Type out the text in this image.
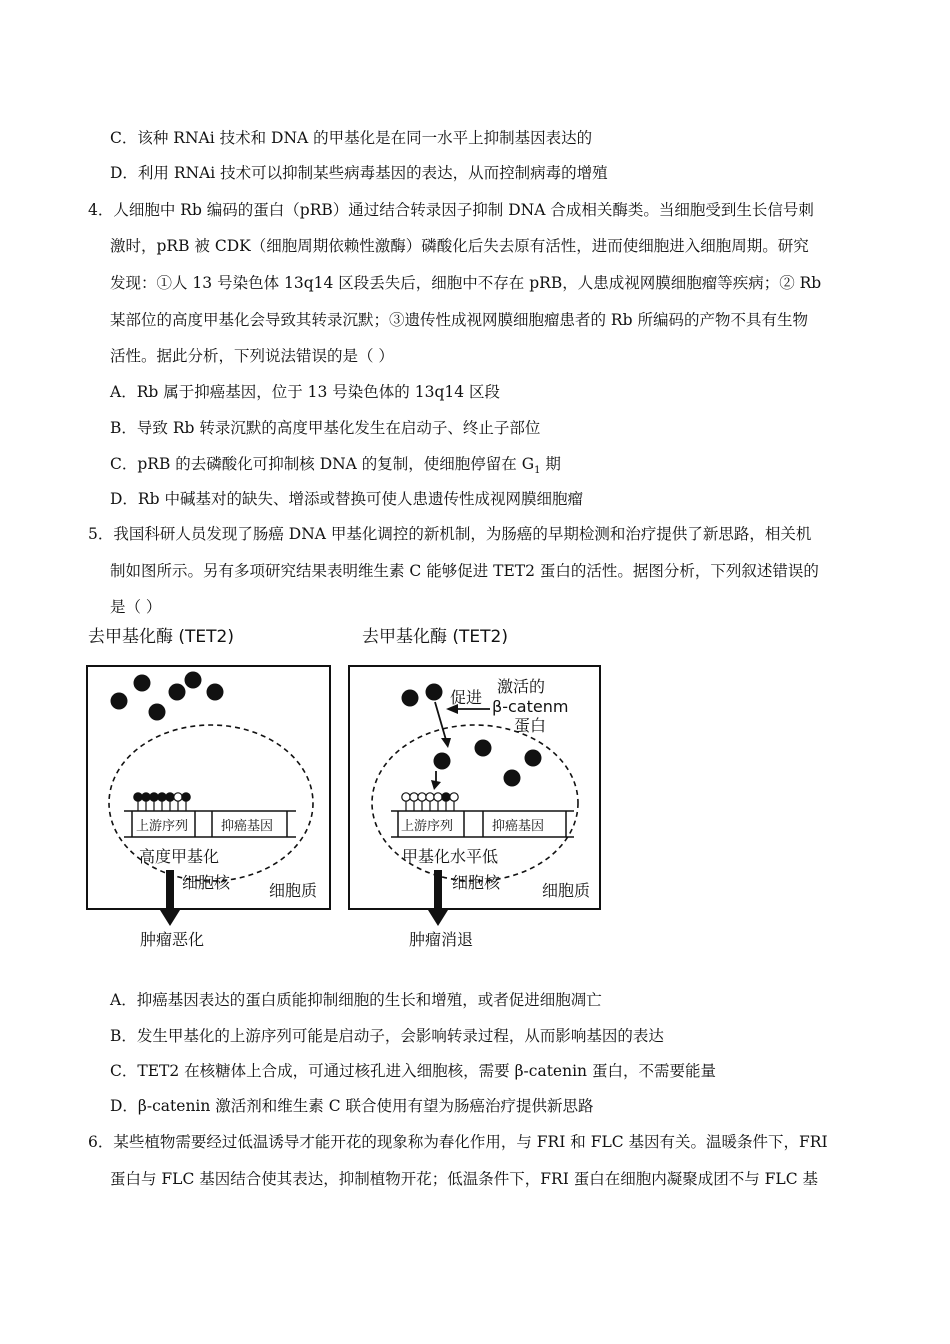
C．该种 RNAi 技术和 DNA 的甲基化是在同一水平上抑制基因表达的
D．利用 RNAi 技术可以抑制某些病毒基因的表达，从而控制病毒的增殖
4．人细胞中 Rb 编码的蛋白（pRB）通过结合转录因子抑制 DNA 合成相关酶类。当细胞受到生长信号刺
激时，pRB 被 CDK（细胞周期依赖性激酶）磷酸化后失去原有活性，进而使细胞进入细胞周期。研究
发现：①人 13 号染色体 13q14 区段丢失后，细胞中不存在 pRB，人患成视网膜细胞瘤等疾病；② Rb
某部位的高度甲基化会导致其转录沉默；③遗传性成视网膜细胞瘤患者的 Rb 所编码的产物不具有生物
活性。据此分析，下列说法错误的是（ ）
A．Rb 属于抑癌基因，位于 13 号染色体的 13q14 区段
B．导致 Rb 转录沉默的高度甲基化发生在启动子、终止子部位
C．pRB 的去磷酸化可抑制核 DNA 的复制，使细胞停留在 $G_1$ 期
D．Rb 中碱基对的缺失、增添或替换可使人患遗传性成视网膜细胞瘤
5．我国科研人员发现了肠癌 DNA 甲基化调控的新机制，为肠癌的早期检测和治疗提供了新思路，相关机
制如图所示。另有多项研究结果表明维生素 C 能够促进 TET2 蛋白的活性。据图分析，下列叙述错误的
是（ ）
去甲基化酶 (TET2)
上游序列	抑癌基因
高度甲基化
细胞核 细胞质
肿瘤恶化
去甲基化酶 (TET2)
促进
激活的
β-catenm
蛋白
上游序列	抑癌基因
甲基化水平低
细胞核	细胞质
肿瘤消退
A．抑癌基因表达的蛋白质能抑制细胞的生长和增殖，或者促进细胞凋亡
B．发生甲基化的上游序列可能是启动子，会影响转录过程，从而影响基因的表达
C．TET2 在核糖体上合成，可通过核孔进入细胞核，需要 β-catenin 蛋白，不需要能量
D．β-catenin 激活剂和维生素 C 联合使用有望为肠癌治疗提供新思路
6．某些植物需要经过低温诱导才能开花的现象称为春化作用，与 FRI 和 FLC 基因有关。温暖条件下，FRI
蛋白与 FLC 基因结合使其表达，抑制植物开花；低温条件下，FRI 蛋白在细胞内凝聚成团不与 FLC 基
